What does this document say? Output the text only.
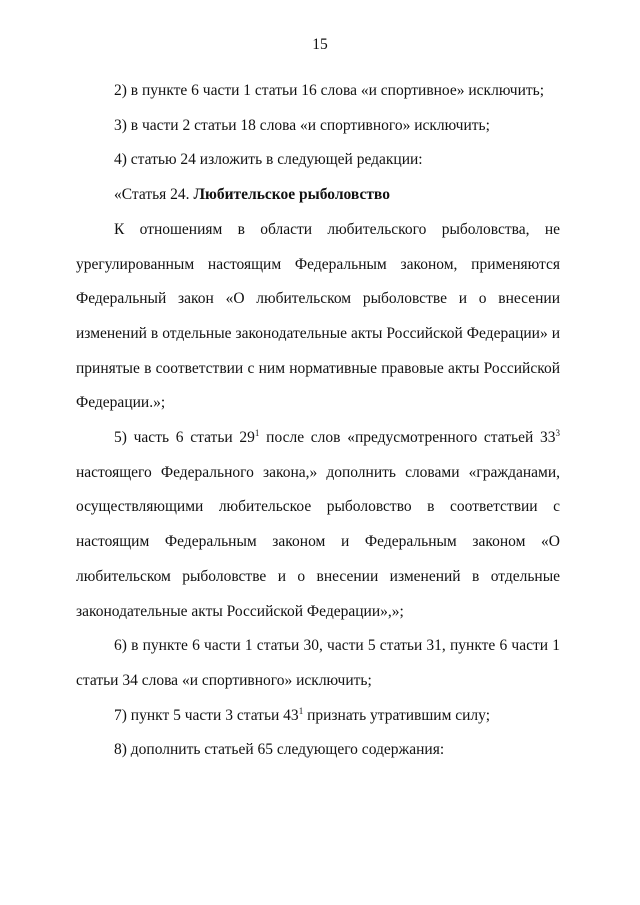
15

2) в пункте 6 части 1 статьи 16 слова «и спортивное» исключить;

3) в части 2 статьи 18 слова «и спортивного» исключить;

4) статью 24 изложить в следующей редакции:

«Статья 24. Любительское рыболовство

К отношениям в области любительского рыболовства, не урегулированным настоящим Федеральным законом, применяются Федеральный закон «О любительском рыболовстве и о внесении изменений в отдельные законодательные акты Российской Федерации» и принятые в соответствии с ним нормативные правовые акты Российской Федерации.»;

5) часть 6 статьи $29^1$ после слов «предусмотренного статьей $33^3$ настоящего Федерального закона,» дополнить словами «гражданами, осуществляющими любительское рыболовство в соответствии с настоящим Федеральным законом и Федеральным законом «О любительском рыболовстве и о внесении изменений в отдельные законодательные акты Российской Федерации»,»;

6) в пункте 6 части 1 статьи 30, части 5 статьи 31, пункте 6 части 1 статьи 34 слова «и спортивного» исключить;

7) пункт 5 части 3 статьи $43^1$ признать утратившим силу;

8) дополнить статьей 65 следующего содержания:
